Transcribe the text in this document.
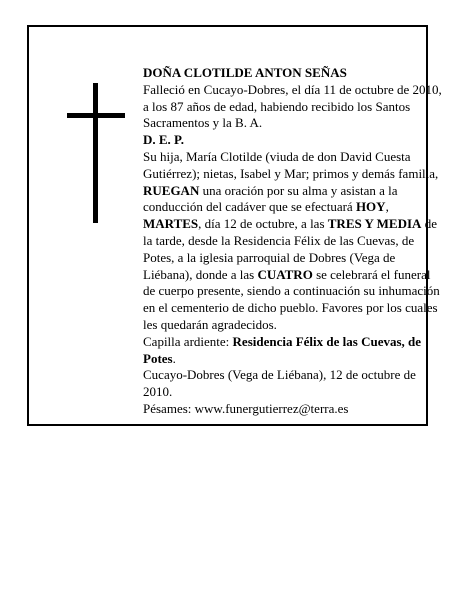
DOÑA CLOTILDE ANTON SEÑAS

Falleció en Cucayo-Dobres, el día 11 de octubre de 2010, a los 87 años de edad, habiendo recibido los Santos Sacramentos y la B. A.

D. E. P.

Su hija, María Clotilde (viuda de don David Cuesta Gutiérrez); nietas, Isabel y Mar; primos y demás familia,

RUEGAN una oración por su alma y asistan a la conducción del cadáver que se efectuará HOY, MARTES, día 12 de octubre, a las TRES Y MEDIA de la tarde, desde la Residencia Félix de las Cuevas, de Potes, a la iglesia parroquial de Dobres (Vega de Liébana), donde a las CUATRO se celebrará el funeral de cuerpo presente, siendo a continuación su inhumación en el cementerio de dicho pueblo. Favores por los cuales les quedarán agradecidos.

Capilla ardiente: Residencia Félix de las Cuevas, de Potes.

Cucayo-Dobres (Vega de Liébana), 12 de octubre de 2010.

Pésames: www.funergutierrez@terra.es
